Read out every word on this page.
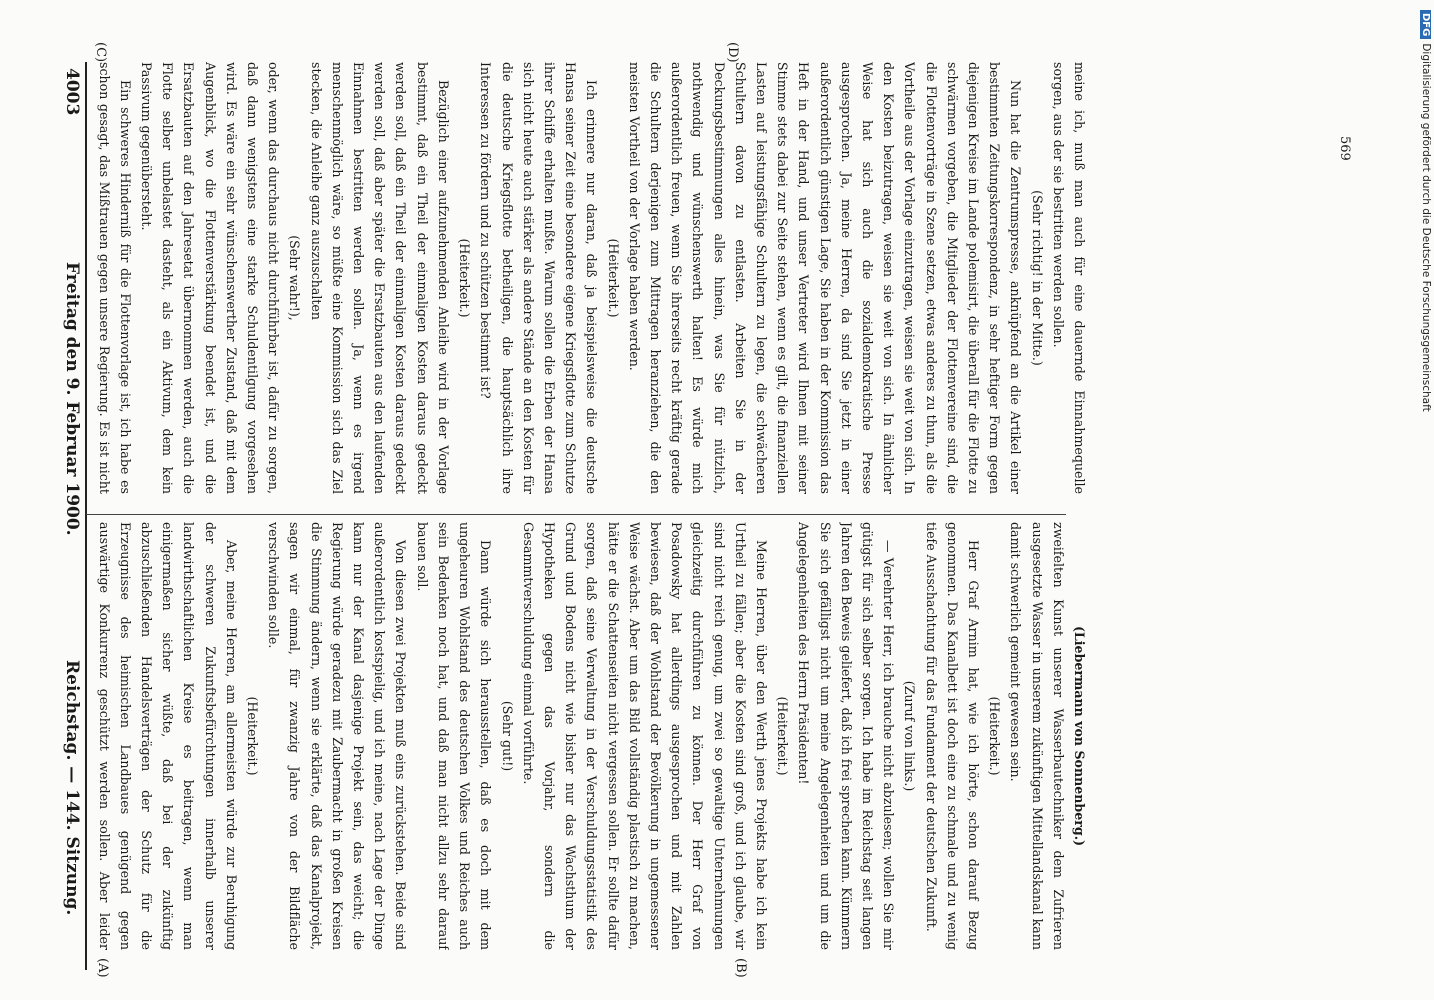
Reichstag. — 144. Sitzung.
Freitag den 9. Februar 1900.
4003
(A)	(B)
(C)	(D)

(Liebermann von Sonnenberg.)

zweifelten Kunst unserer Wasserbautechniker dem Zufrieren ausgesetzte Wasser in unserem zukünftigen Mittellandskanal kann damit schwerlich gemeint gewesen sein.

(Heiterkeit.)

Herr Graf Arnim hat, wie ich hörte, schon darauf Bezug genommen. Das Kanalbett ist doch eine zu schmale und zu wenig tiefe Ausschachtung für das Fundament der deutschen Zukunft.

(Zuruf von links.)

— Verehrter Herr, ich brauche nicht abzulesen; wollen Sie mir gütigst für sich selber sorgen. Ich habe im Reichstag seit langen Jahren den Beweis geliefert, daß ich frei sprechen kann. Kümmern Sie sich gefälligst nicht um meine Angelegenheiten und um die Angelegenheiten des Herrn Präsidenten!

(Heiterkeit.)

Meine Herren, über den Werth jenes Projekts habe ich kein Urtheil zu fällen; aber die Kosten sind groß, und ich glaube, wir sind nicht reich genug, um zwei so gewaltige Unternehmungen gleichzeitig durchführen zu können. Der Herr Graf von Posadowsky hat allerdings ausgesprochen und mit Zahlen bewiesen, daß der Wohlstand der Bevölkerung in ungemessener Weise wächst. Aber um das Bild vollständig plastisch zu machen, hätte er die Schattenseiten nicht vergessen sollen. Er sollte dafür sorgen, daß seine Verwaltung in der Verschuldungsstatistik des Grund und Bodens nicht wie bisher nur das Wachsthum der Hypotheken gegen das Vorjahr, sondern die Gesammtverschuldung einmal vorführte.

(Sehr gut!)

Dann würde sich herausstellen, daß es doch mit dem ungeheuren Wohlstand des deutschen Volkes und Reiches auch sein Bedenken noch hat, und daß man nicht allzu sehr darauf bauen soll.

Von diesen zwei Projekten muß eins zurückstehen. Beide sind außerordentlich kostspielig, und ich meine, nach Lage der Dinge kann nur der Kanal dasjenige Projekt sein, das weicht; die Regierung würde geradezu mit Zaubermacht in großen Kreisen die Stimmung ändern, wenn sie erklärte, daß das Kanalprojekt, sagen wir einmal, für zwanzig Jahre von der Bildfläche verschwinden solle.

(Heiterkeit.)

Aber, meine Herren, am allermeisten würde zur Beruhigung der schweren Zukunftsbefürchtungen innerhalb unserer landwirthschaftlichen Kreise es beitragen, wenn man einigermaßen sicher wüßte, daß bei der zukünftig abzuschließenden Handelsverträgen der Schutz für die Erzeugnisse des heimischen Landbaues genügend gegen auswärtige Konkurrenz geschützt werden sollen. Aber leider

meine ich, muß man auch für eine dauernde Einnahmequelle sorgen, aus der sie bestritten werden sollen.

(Sehr richtig! in der Mitte.)

Nun hat die Zentrumspresse, anknüpfend an die Artikel einer bestimmten Zeitungskorrespondenz, in sehr heftiger Form gegen diejenigen Kreise im Lande polemisirt, die überall für die Flotte zu schwärmen vorgeben, die Mitglieder der Flottenvereine sind, die die Flottenvorträge in Szene setzen, etwas anderes zu thun, als die Vortheile aus der Vorlage einzutragen, weisen sie weit von sich. In den Kosten beizutragen, weisen sie weit von sich. In ähnlicher Weise hat sich auch die sozialdemokratische Presse ausgesprochen. Ja, meine Herren, da sind Sie jetzt in einer außerordentlich günstigen Lage, Sie haben in der Kommission das Heft in der Hand, und unser Vertreter wird Ihnen mit seiner Stimme stets dabei zur Seite stehen, wenn es gilt, die finanziellen Lasten auf leistungsfähige Schultern zu legen, die schwächeren Schultern davon zu entlasten. Arbeiten Sie in der Deckungsbestimmungen alles hinein, was Sie für nützlich, nothwendig und wünschenswerth halten! Es würde mich außerordentlich freuen, wenn Sie ihrerseits recht kräftig gerade die Schultern derjenigen zum Mittragen heranziehen, die den meisten Vortheil von der Vorlage haben werden.

(Heiterkeit.)

Ich erinnere nur daran, daß ja beispielsweise die deutsche Hansa seiner Zeit eine besondere eigene Kriegsflotte zum Schutze ihrer Schiffe erhalten mußte. Warum sollen die Erben der Hansa sich nicht heute auch stärker als andere Stände an den Kosten für die deutsche Kriegsflotte betheiligen, die hauptsächlich ihre Interessen zu fördern und zu schützen bestimmt ist?

(Heiterkeit.)

Bezüglich einer aufzunehmenden Anleihe wird in der Vorlage bestimmt, daß ein Theil der einmaligen Kosten daraus gedeckt werden soll, daß ein Theil der einmaligen Kosten daraus gedeckt werden soll, daß aber später die Ersatzbauten aus den laufenden Einnahmen bestritten werden sollen. Ja, wenn es irgend menschenmöglich wäre, so müßte eine Kommission sich das Ziel stecken, die Anleihe ganz auszuschalten

(Sehr wahr!),

oder, wenn das durchaus nicht durchführbar ist, dafür zu sorgen, daß dann wenigstens eine starke Schuldentilgung vorgesehen wird. Es wäre ein sehr wünschenswerther Zustand, daß mit dem Augenblick, wo die Flottenverstärkung beendet ist, und die Ersatzbauten auf den Jahresetat übernommen werden, auch die Flotte selber unbelastet dasteht, als ein Aktivum, dem kein Passivum gegenübersteht.

Ein schweres Hinderniß für die Flottenvorlage ist, ich habe es schon gesagt, das Mißtrauen gegen unsere Regierung. Es ist nicht

569
DFGDigitalisierung gefördert durch die Deutsche Forschungsgemeinschaft
